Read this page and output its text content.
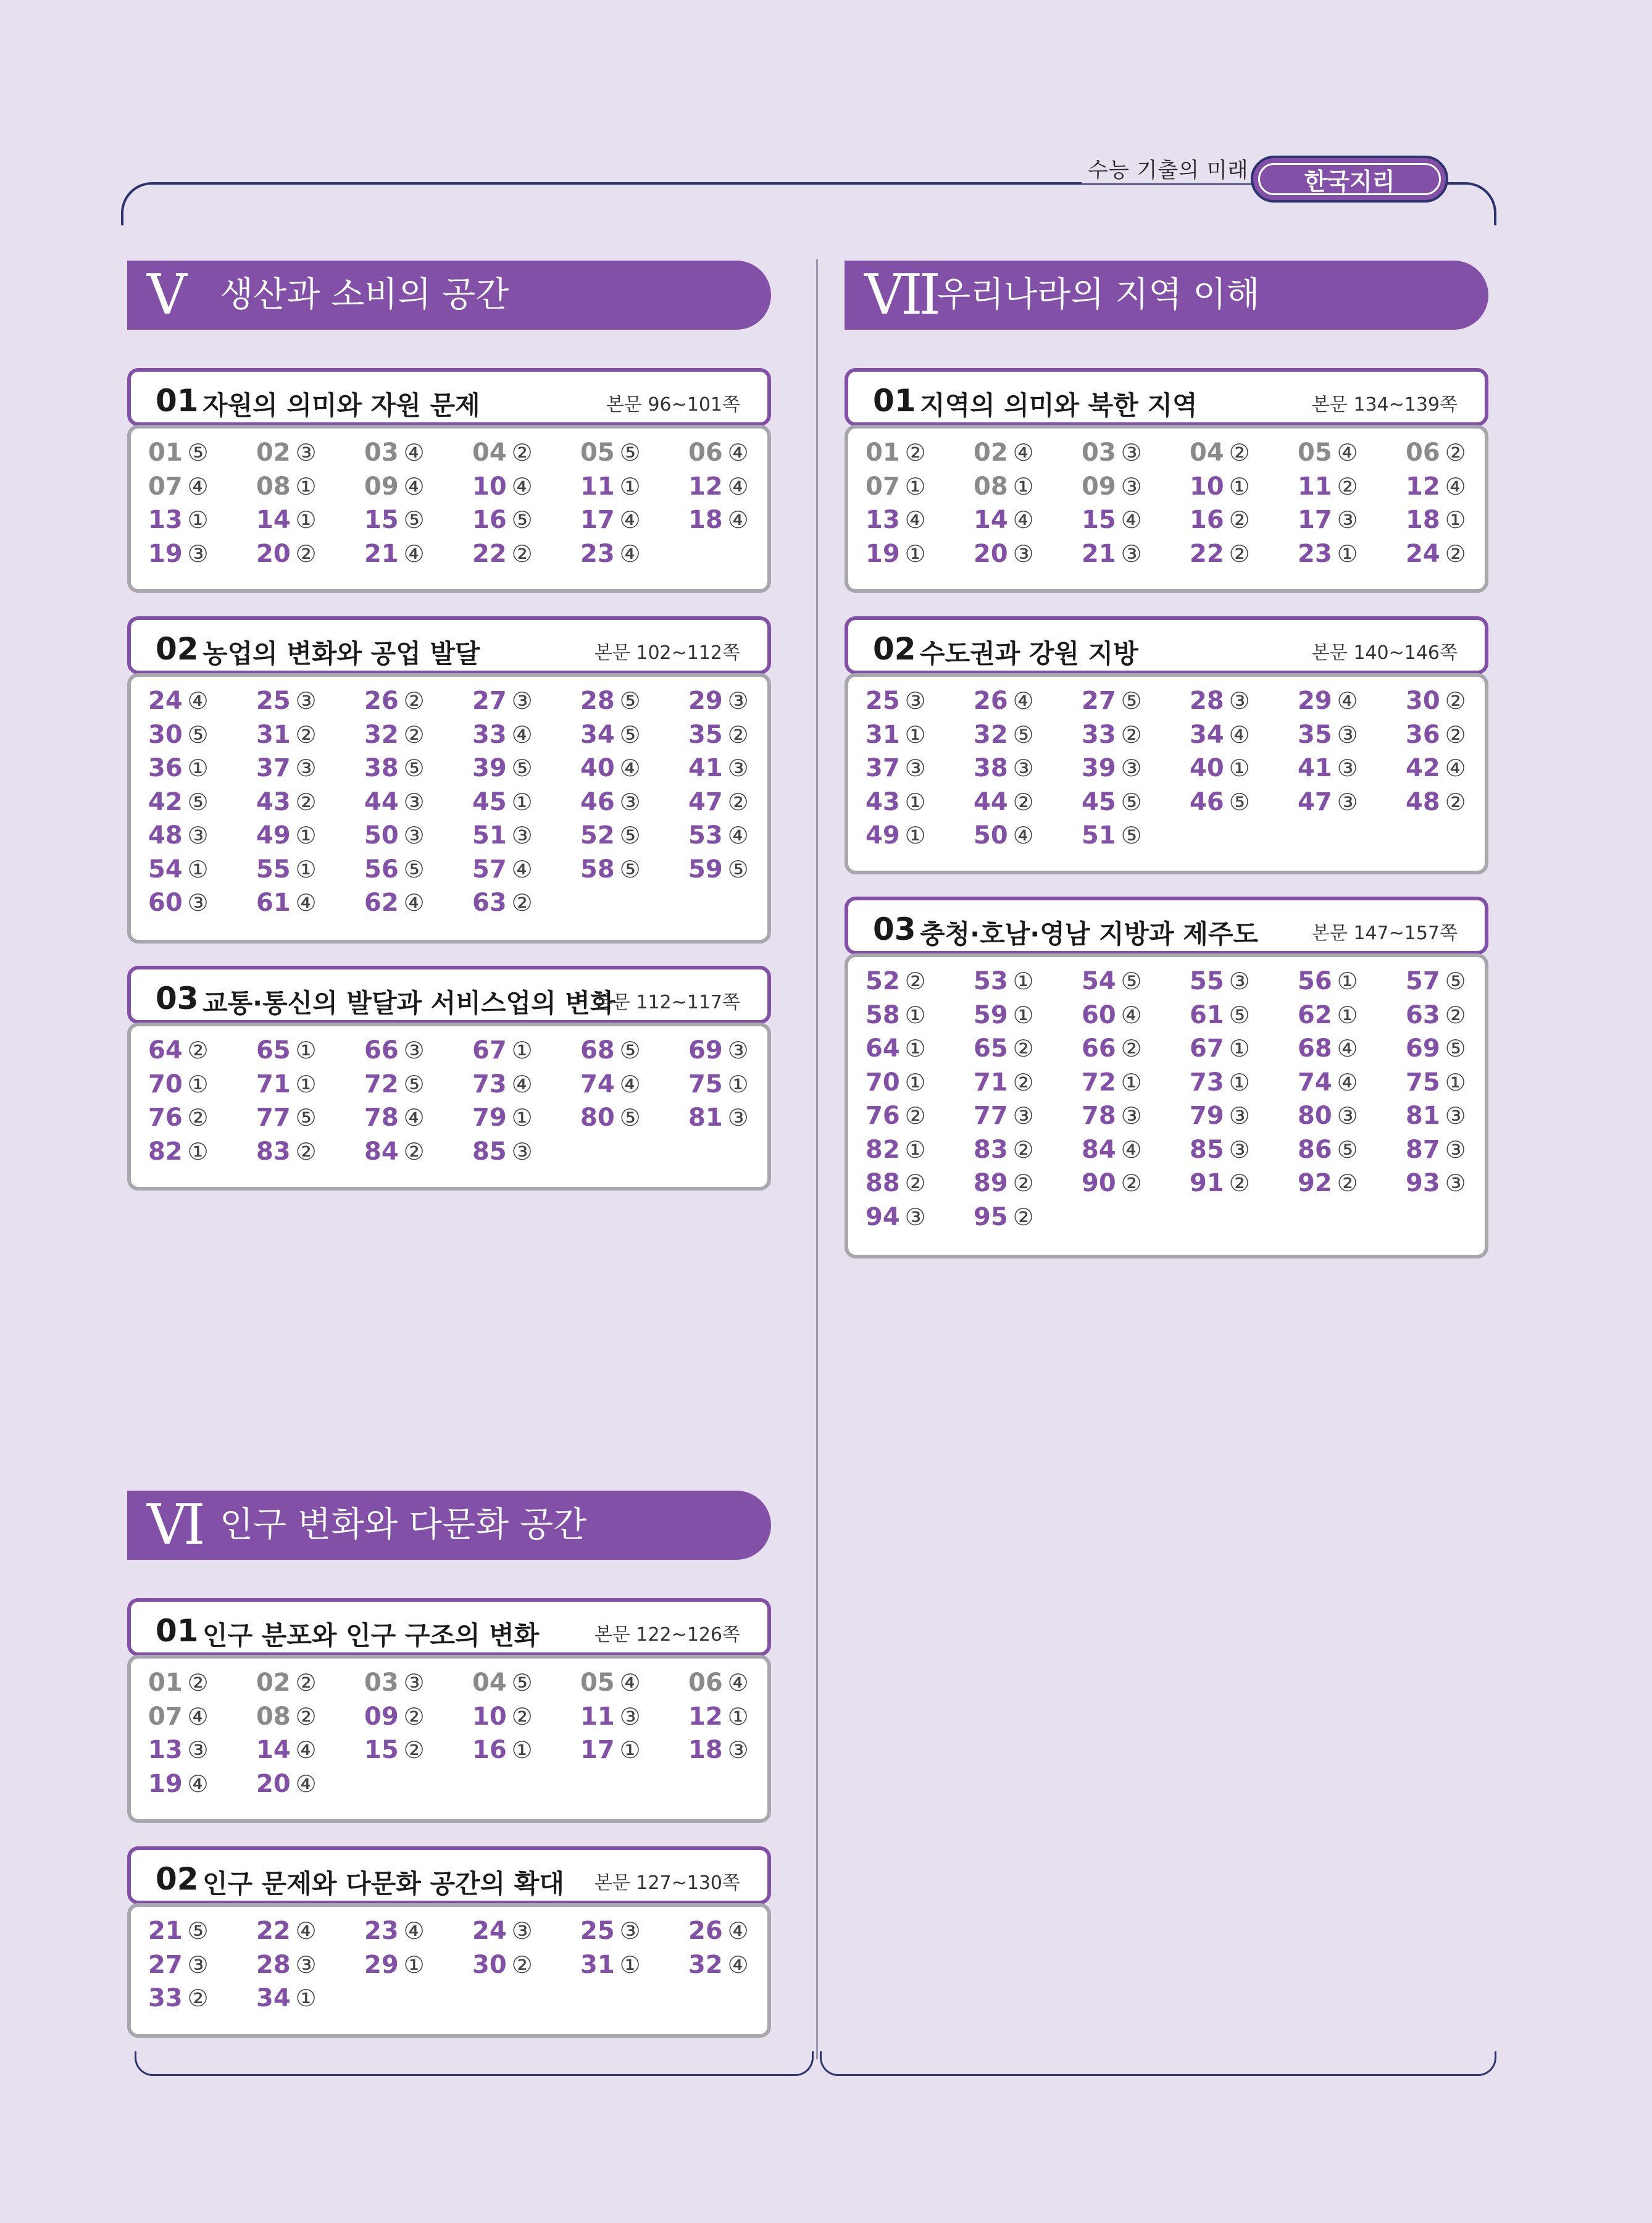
수능 기출의 미래	한국지리
V 생산과 소비의 공간
01 자원의 의미와 자원 문제	본문 96~101쪽
01 ⑤ 02 ③ 03 ④ 04 ② 05 ⑤ 06 ④
07 ④ 08 ① 09 ④ 10 ④ 11 ① 12 ④
13 ① 14 ① 15 ⑤ 16 ⑤ 17 ④ 18 ④
19 ③ 20 ② 21 ④ 22 ② 23 ④
02 농업의 변화와 공업 발달	본문 102~112쪽
24 ④ 25 ③ 26 ② 27 ③ 28 ⑤ 29 ③
30 ⑤ 31 ② 32 ② 33 ④ 34 ⑤ 35 ②
36 ① 37 ③ 38 ⑤ 39 ⑤ 40 ④ 41 ③
42 ⑤ 43 ② 44 ③ 45 ① 46 ③ 47 ②
48 ③ 49 ① 50 ③ 51 ③ 52 ⑤ 53 ④
54 ① 55 ① 56 ⑤ 57 ④ 58 ⑤ 59 ⑤
60 ③ 61 ④ 62 ④ 63 ②
03 교통·통신의 발달과 서비스업의 변화
본문 112~117쪽
64 ② 65 ① 66 ③ 67 ① 68 ⑤ 69 ③
70 ① 71 ① 72 ⑤ 73 ④ 74 ④ 75 ①
76 ② 77 ⑤ 78 ④ 79 ① 80 ⑤ 81 ③
82 ① 83 ② 84 ② 85 ③
VI 인구 변화와 다문화 공간
01 인구 분포와 인구 구조의 변화	본문 122~126쪽
01 ② 02 ② 03 ③ 04 ⑤ 05 ④ 06 ④
07 ④ 08 ② 09 ② 10 ② 11 ③ 12 ①
13 ③ 14 ④ 15 ② 16 ① 17 ① 18 ③
19 ④ 20 ④
02 인구 문제와 다문화 공간의 확대 본문 127~130쪽
21 ⑤ 22 ④ 23 ④ 24 ③ 25 ③ 26 ④
27 ③ 28 ③ 29 ① 30 ② 31 ① 32 ④
33 ② 34 ①
VII 우리나라의 지역 이해
01 지역의 의미와 북한 지역	본문 134~139쪽
01 ② 02 ④ 03 ③ 04 ② 05 ④ 06 ②
07 ① 08 ① 09 ③ 10 ① 11 ② 12 ④
13 ④ 14 ④ 15 ④ 16 ② 17 ③ 18 ①
19 ① 20 ③ 21 ③ 22 ② 23 ① 24 ②
02 수도권과 강원 지방	본문 140~146쪽
25 ③ 26 ④ 27 ⑤ 28 ③ 29 ④ 30 ②
31 ① 32 ⑤ 33 ② 34 ④ 35 ③ 36 ②
37 ③ 38 ③ 39 ③ 40 ① 41 ③ 42 ④
43 ① 44 ② 45 ⑤ 46 ⑤ 47 ③ 48 ②
49 ① 50 ④ 51 ⑤
03 충청·호남·영남 지방과 제주도	본문 147~157쪽
52 ② 53 ① 54 ⑤ 55 ③ 56 ① 57 ⑤
58 ① 59 ① 60 ④ 61 ⑤ 62 ① 63 ②
64 ① 65 ② 66 ② 67 ① 68 ④ 69 ⑤
70 ① 71 ② 72 ① 73 ① 74 ④ 75 ①
76 ② 77 ③ 78 ③ 79 ③ 80 ③ 81 ③
82 ① 83 ② 84 ④ 85 ③ 86 ⑤ 87 ③
88 ② 89 ② 90 ② 91 ② 92 ② 93 ③
94 ③ 95 ②
